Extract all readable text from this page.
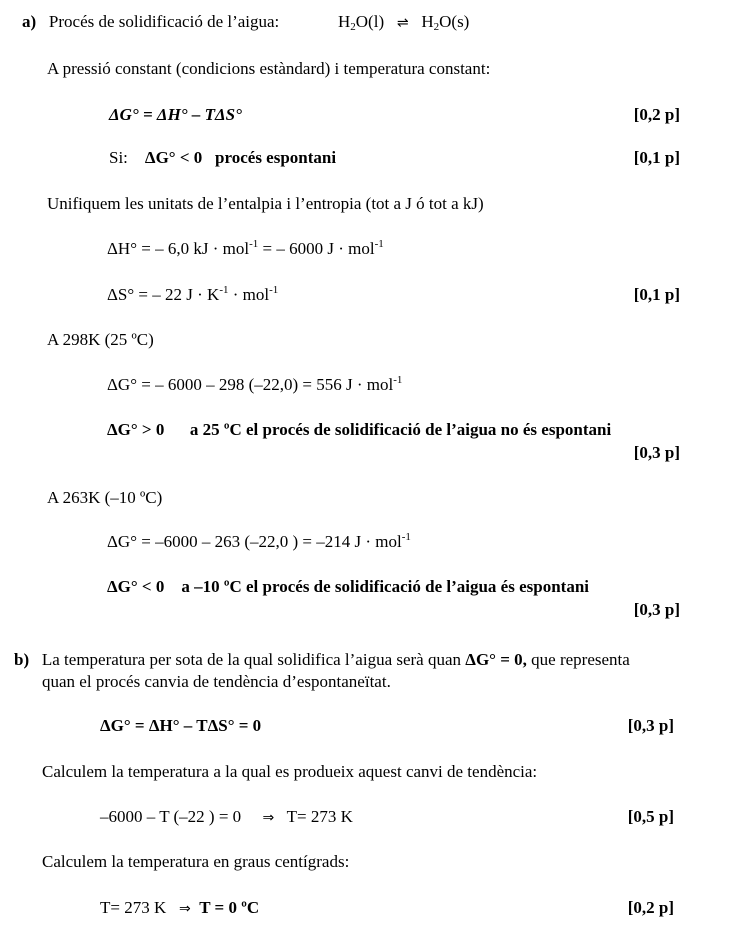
a) Procés de solidificació de l’aigua:	$H_2O(l)$ ⇌ $H_2O(s)$
A pressió constant (condicions estàndard) i temperatura constant:
ΔG° = ΔH° – TΔS°	[0,2 p]
Si: ΔG° < 0 procés espontani	[0,1 p]
Unifiquem les unitats de l’entalpia i l’entropia (tot a J ó tot a kJ)
ΔH° = – 6,0 kJ · mol$^{-1}$ = – 6000 J · mol$^{-1}$
ΔS° = – 22 $J \cdot K^{-1} \cdot mol^{-1}$	[0,1 p]
A 298K (25 ºC)
ΔG° = – 6000 – 298 (–22,0) = 556 J · mol$^{-1}$
ΔG° > 0 a 25 ºC el procés de solidificació de l’aigua no és espontani
[0,3 p]
A 263K (–10 ºC)
ΔG° = –6000 – 263 (–22,0 ) = –214 J · mol$^{-1}$
ΔG° < 0 a –10 ºC el procés de solidificació de l’aigua és espontani
[0,3 p]
b) La temperatura per sota de la qual solidifica l’aigua serà quan ΔG° = 0, que representa
quan el procés canvia de tendència d’espontaneïtat.
ΔG° = ΔH° – TΔS° = 0	[0,3 p]
Calculem la temperatura a la qual es produeix aquest canvi de tendència:
–6000 – T (–22 ) = 0 ⇒ T= 273 K	[0,5 p]
Calculem la temperatura en graus centígrads:
T= 273 K ⇒ T = 0 ºC	[0,2 p]
